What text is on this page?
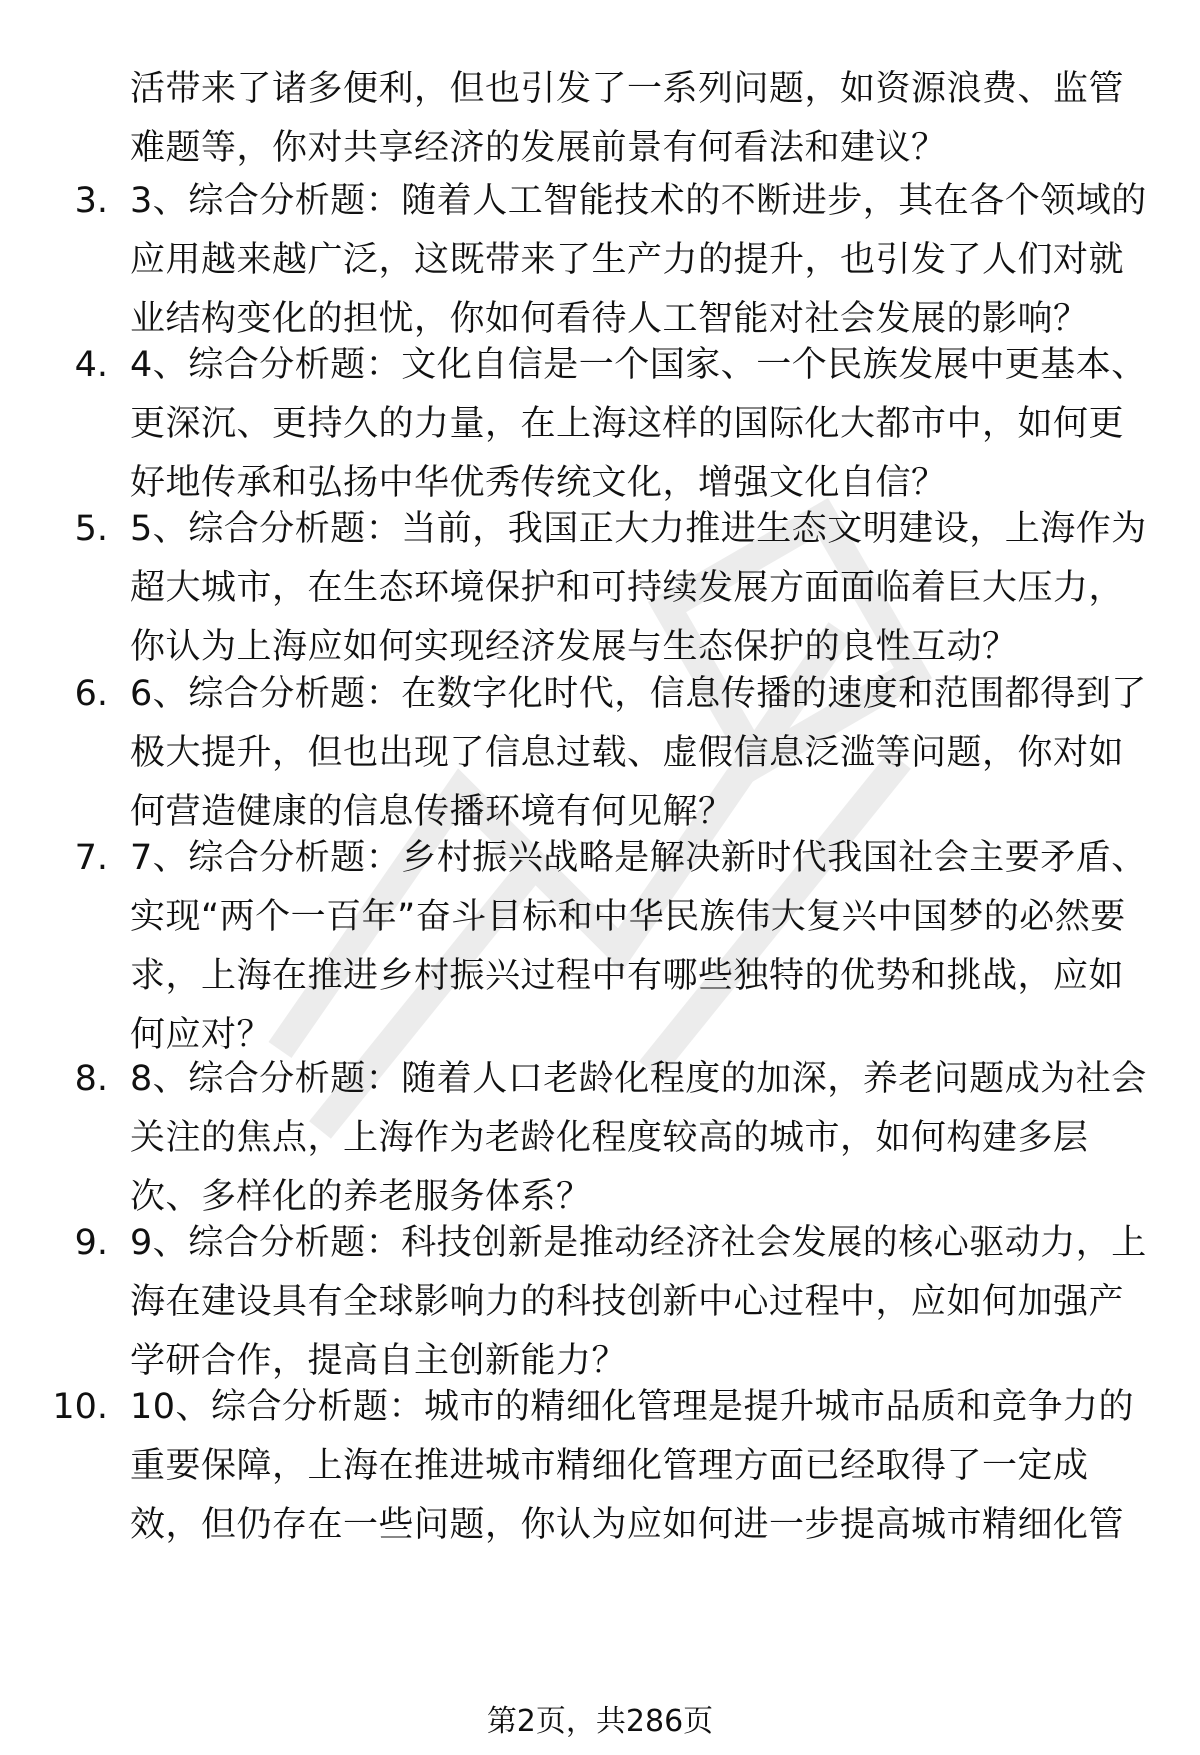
活带来了诸多便利，但也引发了一系列问题，如资源浪费、监管难题等，你对共享经济的发展前景有何看法和建议？
3. 3、综合分析题：随着人工智能技术的不断进步，其在各个领域的应用越来越广泛，这既带来了生产力的提升，也引发了人们对就业结构变化的担忧，你如何看待人工智能对社会发展的影响？
4. 4、综合分析题：文化自信是一个国家、一个民族发展中更基本、更深沉、更持久的力量，在上海这样的国际化大都市中，如何更好地传承和弘扬中华优秀传统文化，增强文化自信？
5. 5、综合分析题：当前，我国正大力推进生态文明建设，上海作为超大城市，在生态环境保护和可持续发展方面面临着巨大压力，你认为上海应如何实现经济发展与生态保护的良性互动？
6. 6、综合分析题：在数字化时代，信息传播的速度和范围都得到了极大提升，但也出现了信息过载、虚假信息泛滥等问题，你对如何营造健康的信息传播环境有何见解？
7. 7、综合分析题：乡村振兴战略是解决新时代我国社会主要矛盾、实现“两个一百年”奋斗目标和中华民族伟大复兴中国梦的必然要求，上海在推进乡村振兴过程中有哪些独特的优势和挑战，应如何应对？
8. 8、综合分析题：随着人口老龄化程度的加深，养老问题成为社会关注的焦点，上海作为老龄化程度较高的城市，如何构建多层次、多样化的养老服务体系？
9. 9、综合分析题：科技创新是推动经济社会发展的核心驱动力，上海在建设具有全球影响力的科技创新中心过程中，应如何加强产学研合作，提高自主创新能力？
10. 10、综合分析题：城市的精细化管理是提升城市品质和竞争力的重要保障，上海在推进城市精细化管理方面已经取得了一定成效，但仍存在一些问题，你认为应如何进一步提高城市精细化管
第2页，共286页
